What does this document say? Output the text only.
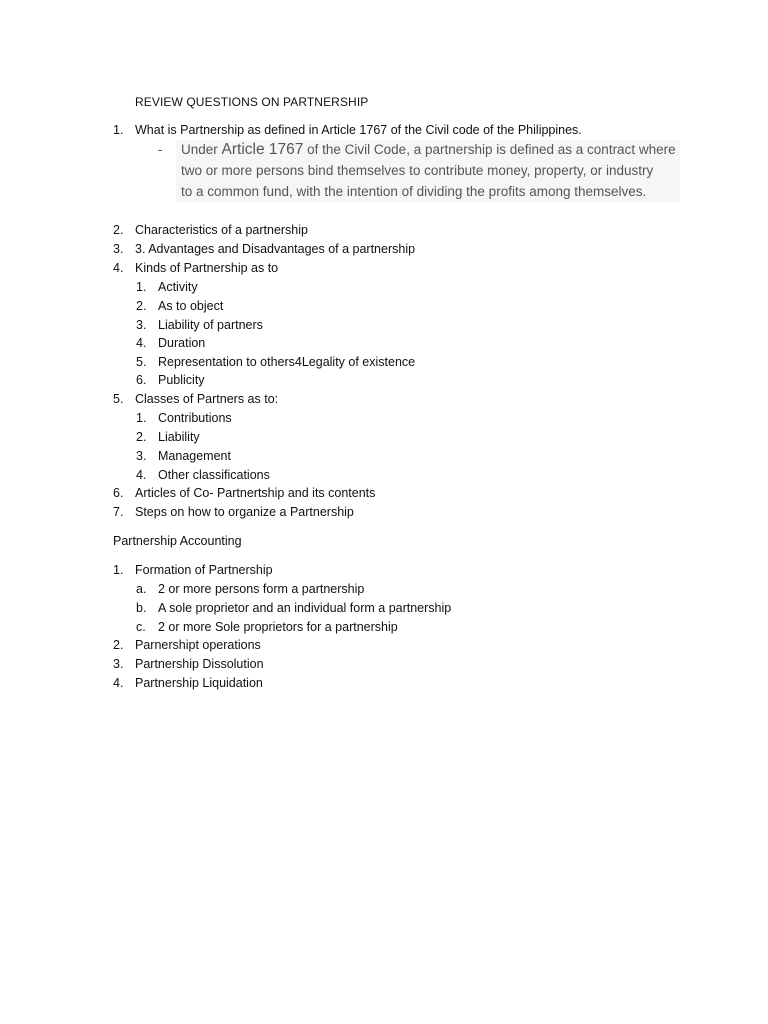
REVIEW QUESTIONS ON PARTNERSHIP
1. What is Partnership as defined in Article 1767 of the Civil code of the Philippines.
- Under Article 1767 of the Civil Code, a partnership is defined as a contract where
two or more persons bind themselves to contribute money, property, or industry
to a common fund, with the intention of dividing the profits among themselves.
2. Characteristics of a partnership
3. 3. Advantages and Disadvantages of a partnership
4. Kinds of Partnership as to
1. Activity
2. As to object
3. Liability of partners
4. Duration
5. Representation to others4Legality of existence
6. Publicity
5. Classes of Partners as to:
1. Contributions
2. Liability
3. Management
4. Other classifications
6. Articles of Co- Partnertship and its contents
7. Steps on how to organize a Partnership
Partnership Accounting
1. Formation of Partnership
a. 2 or more persons form a partnership
b. A sole proprietor and an individual form a partnership
c. 2 or more Sole proprietors for a partnership
2. Parnershipt operations
3. Partnership Dissolution
4. Partnership Liquidation
